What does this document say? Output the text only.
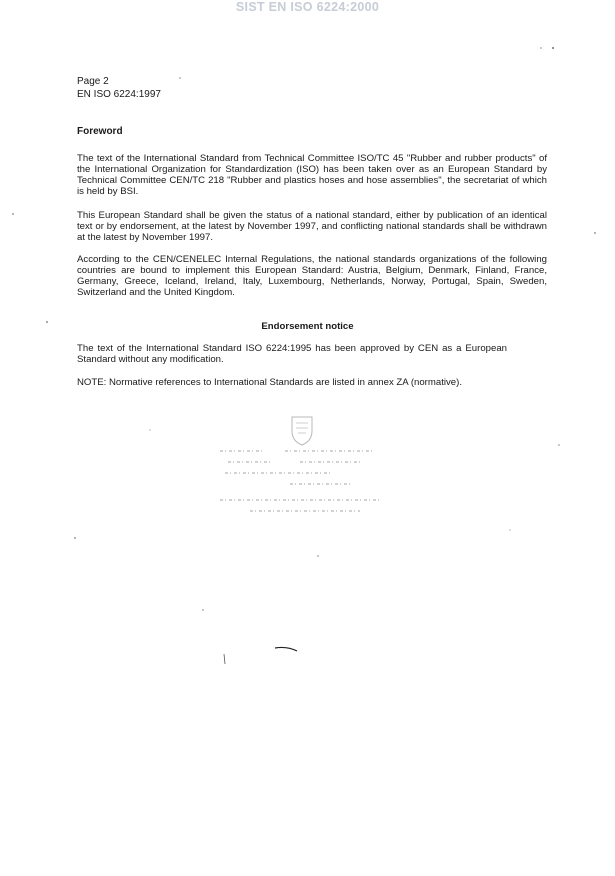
SIST EN ISO 6224:2000
Page 2
EN ISO 6224:1997
Foreword

The text of the International Standard from Technical Committee ISO/TC 45 "Rubber and rubber products" of the International Organization for Standardization (ISO) has been taken over as an European Standard by Technical Committee CEN/TC 218 "Rubber and plastics hoses and hose assemblies", the secretariat of which is held by BSI.

This European Standard shall be given the status of a national standard, either by publication of an identical text or by endorsement, at the latest by November 1997, and conflicting national standards shall be withdrawn at the latest by November 1997.

According to the CEN/CENELEC Internal Regulations, the national standards organizations of the following countries are bound to implement this European Standard: Austria, Belgium, Denmark, Finland, France, Germany, Greece, Iceland, Ireland, Italy, Luxembourg, Netherlands, Norway, Portugal, Spain, Sweden, Switzerland and the United Kingdom.

Endorsement notice

The text of the International Standard ISO 6224:1995 has been approved by CEN as a European Standard without any modification.

NOTE: Normative references to International Standards are listed in annex ZA (normative).
